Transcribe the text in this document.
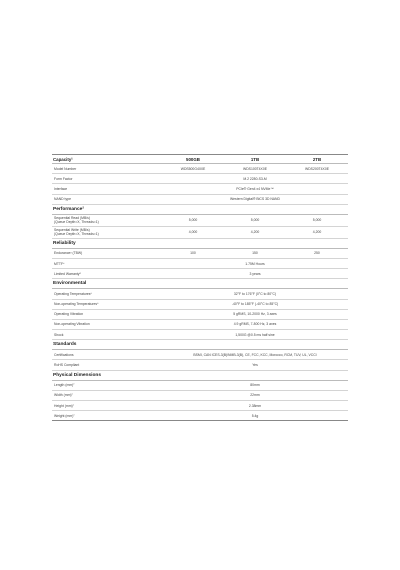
Capacity¹	500GB	1TB	2TB
Model Number	WDS500G4X0E	WDS100T4X0E	WDS200T4X0E
Form Factor	M.2 2280-S3-M		
Interface	PCIe® Gen4 x4 NVMe™		
NAND type	Western Digital® BiCS 3D NAND		
Performance²			
Sequential Read (MB/s)
(Queue Depth=X, Threads=1)	5,000	5,000	5,000
Sequential Write (MB/s)
(Queue Depth=X, Threads=1)	4,000	4,200	4,200
Reliability			
Endurance³ (TBW)	100	150	250
MTTF⁴	1.75M Hours		
Limited Warranty⁵	3 years		
Environmental			
Operating Temperatures⁶	32°F to 176°F (0°C to 80°C)		
Non-operating Temperatures⁶	-40°F to 185°F (-40°C to 85°C)		
Operating Vibration	5 gRMS, 10-2000 Hz, 3 axes		
Non-operating Vibration	4.9 gRMS, 7-800 Hz, 3 axes		
Shock	1,500G @0.5 ms half sine		
Standards			
Certifications	BSMI, CAN ICES-3(B)/NMB-3(B), CE, FCC, KCC, Morocco, RCM, TUV, UL, VCCI		
RoHS Compliant	Yes		
Physical Dimensions			
Length (mm)⁷	80mm		
Width (mm)⁷	22mm		
Height (mm)⁷	2.38mm		
Weight (mm)⁷	5.4g		
